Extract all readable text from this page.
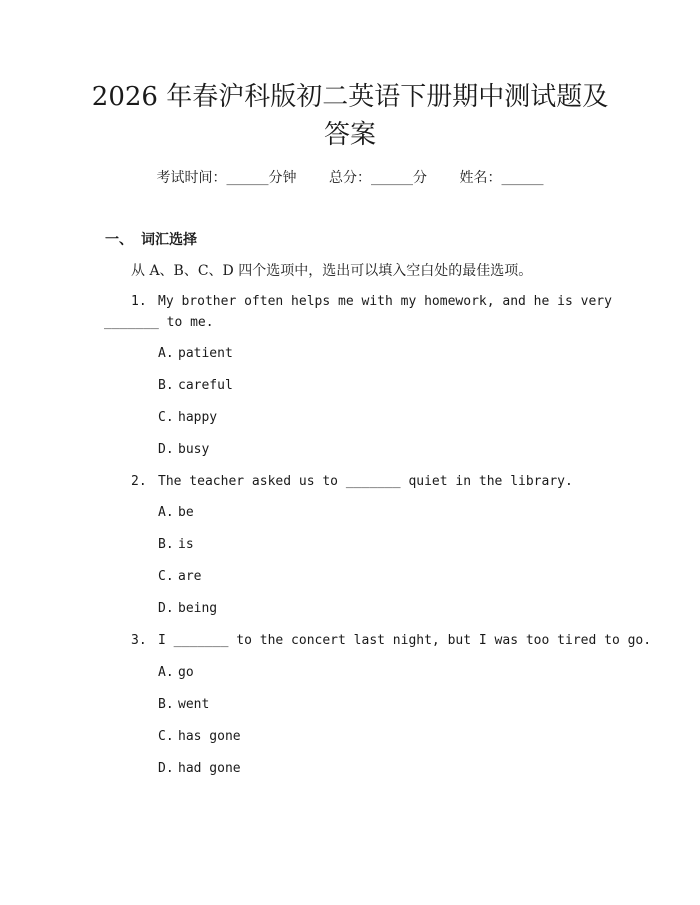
2026 年春沪科版初二英语下册期中测试题及
答案
考试时间：______分钟 总分：______分 姓名：______
一、 词汇选择
从 A、B、C、D 四个选项中，选出可以填入空白处的最佳选项。
1. My brother often helps me with my homework, and he is very
_______ to me.
A. patient
B. careful
C. happy
D. busy
2. The teacher asked us to _______ quiet in the library.
A. be
B. is
C. are
D. being
3. I _______ to the concert last night, but I was too tired to go.
A. go
B. went
C. has gone
D. had gone
